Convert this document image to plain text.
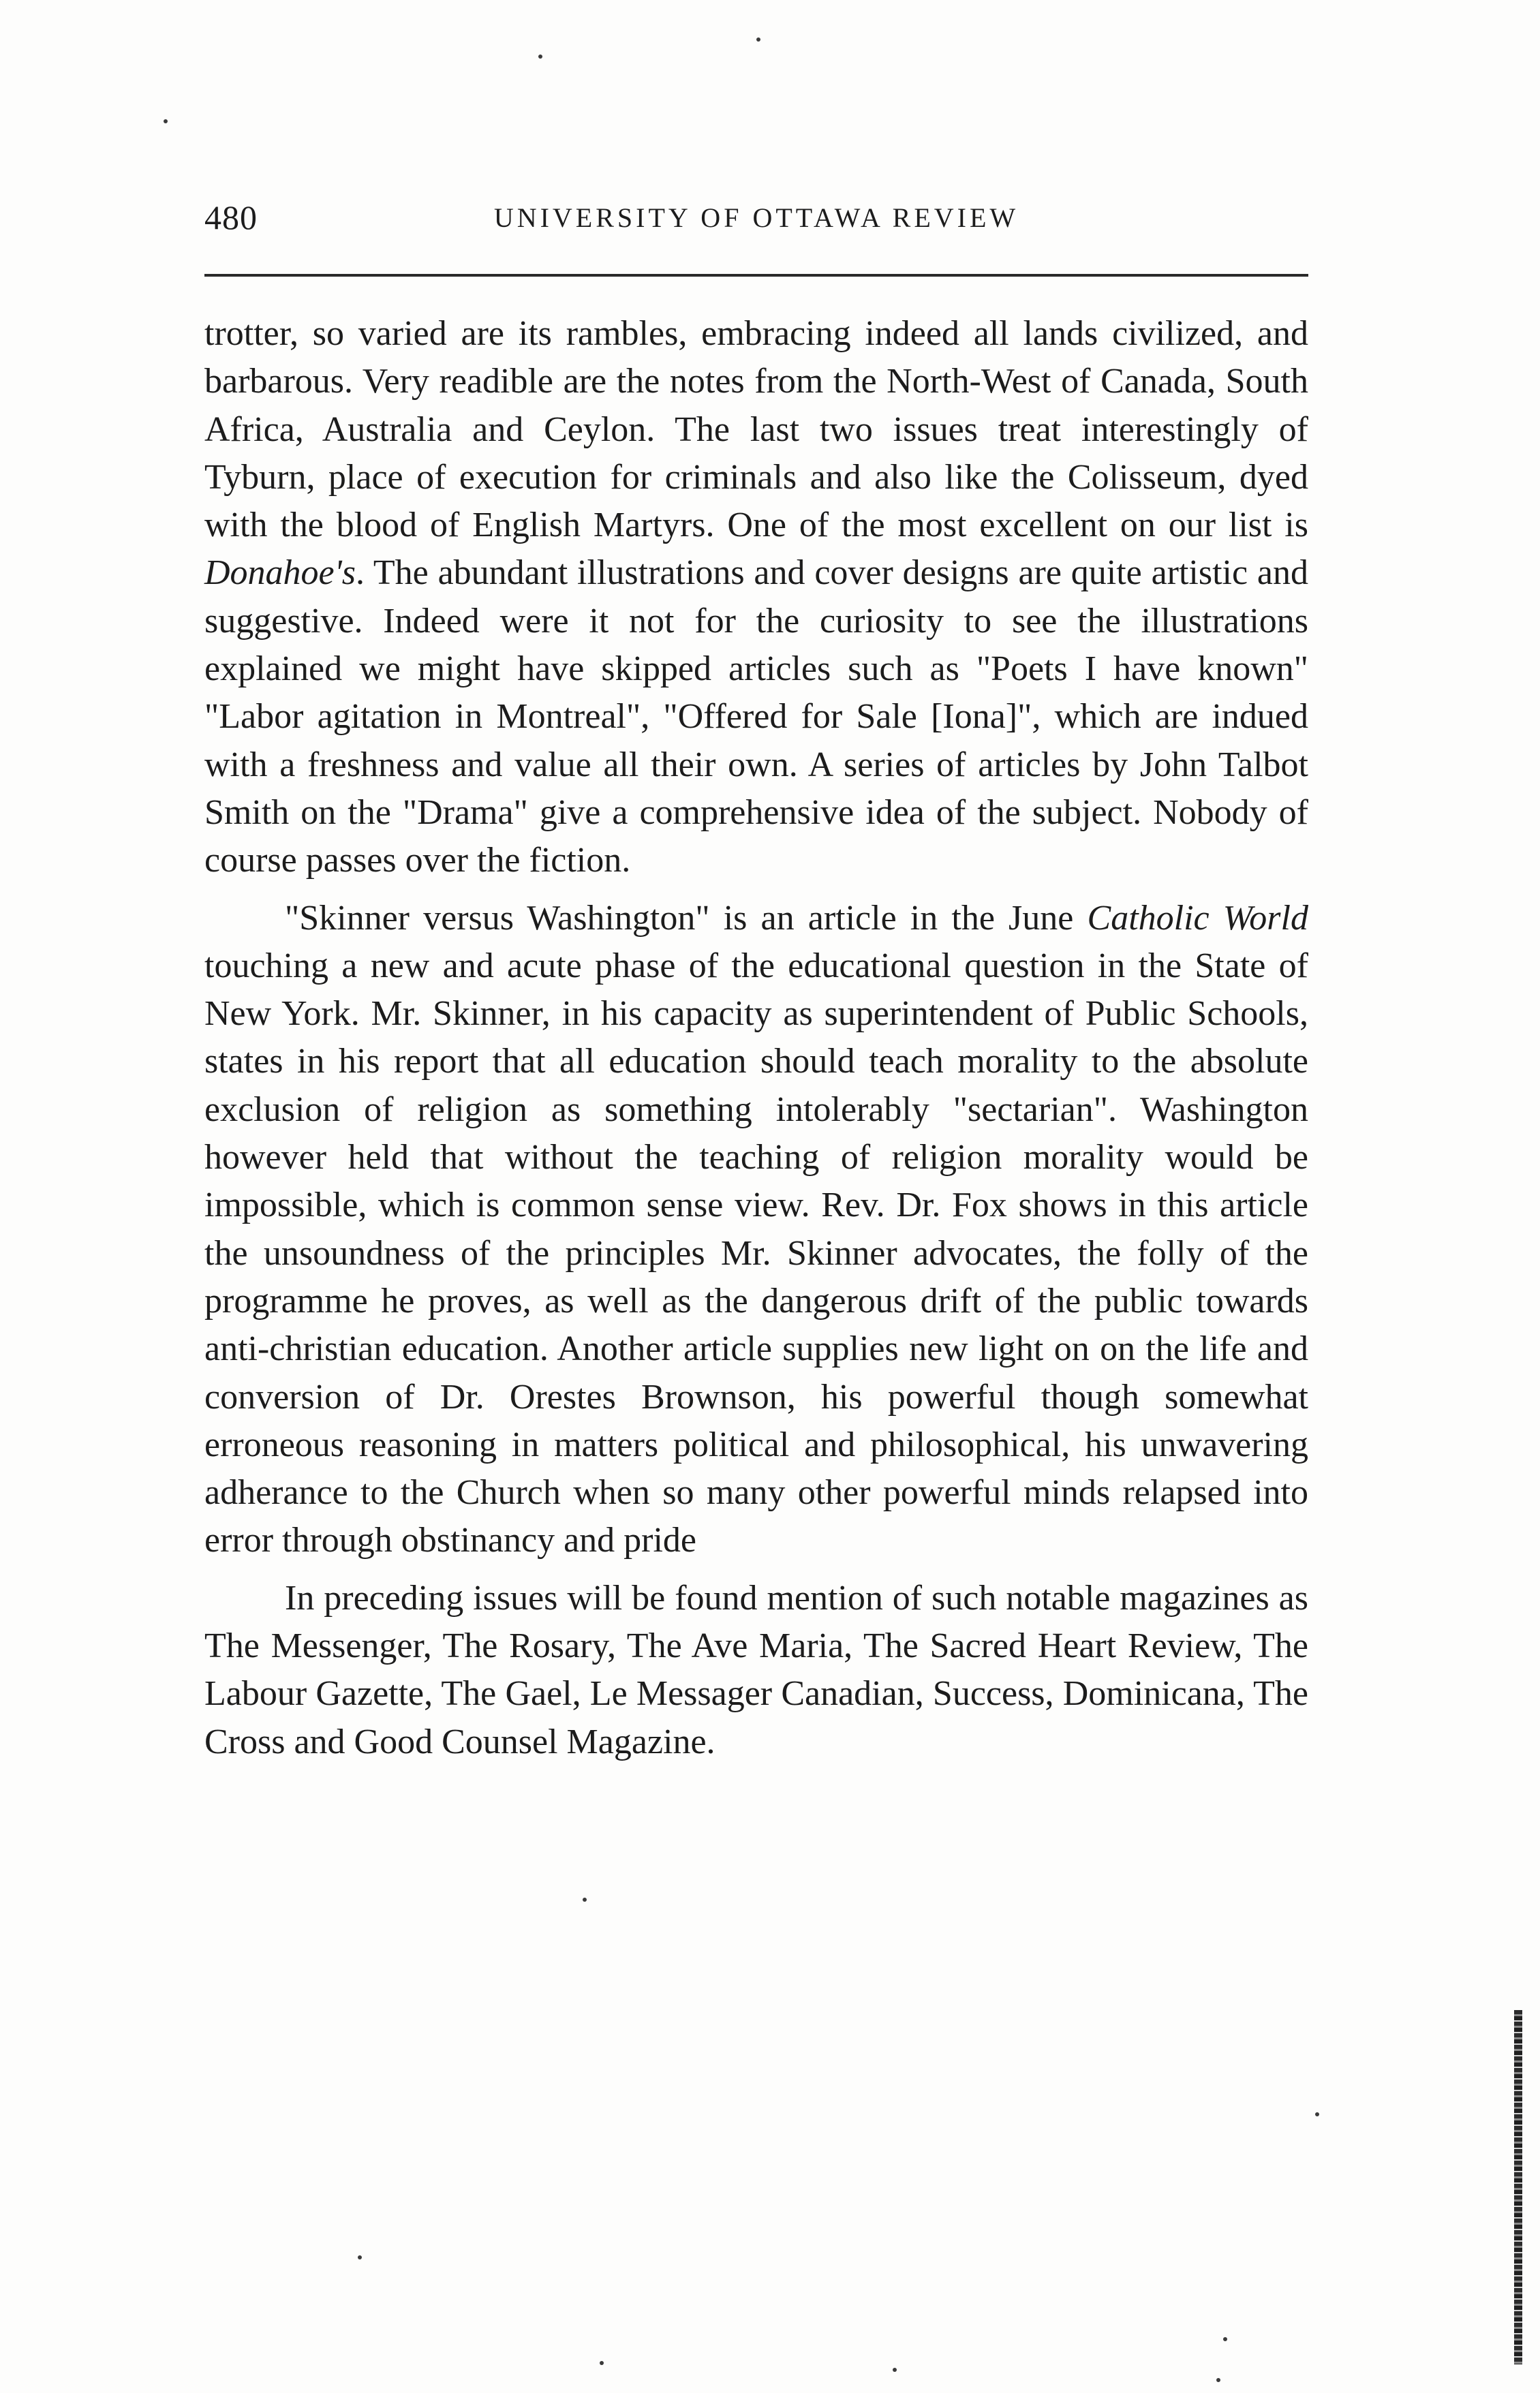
480	UNIVERSITY OF OTTAWA REVIEW

trotter, so varied are its rambles, embracing indeed all lands civilized, and barbarous. Very readible are the notes from the North-West of Canada, South Africa, Australia and Ceylon. The last two issues treat interestingly of Tyburn, place of execution for criminals and also like the Colisseum, dyed with the blood of English Martyrs. One of the most excellent on our list is Donahoe's. The abundant illustrations and cover designs are quite artistic and suggestive. Indeed were it not for the curiosity to see the illustrations explained we might have skipped articles such as "Poets I have known" "Labor agitation in Montreal", "Offered for Sale [Iona]", which are indued with a freshness and value all their own. A series of articles by John Talbot Smith on the "Drama" give a comprehensive idea of the subject. Nobody of course passes over the fiction.

"Skinner versus Washington" is an article in the June Catholic World touching a new and acute phase of the educational question in the State of New York. Mr. Skinner, in his capacity as superintendent of Public Schools, states in his report that all education should teach morality to the absolute exclusion of religion as something intolerably "sectarian". Washington however held that without the teaching of religion morality would be impossible, which is common sense view. Rev. Dr. Fox shows in this article the unsoundness of the principles Mr. Skinner advocates, the folly of the programme he proves, as well as the dangerous drift of the public towards anti-christian education. Another article supplies new light on on the life and conversion of Dr. Orestes Brownson, his powerful though somewhat erroneous reasoning in matters political and philosophical, his unwavering adherance to the Church when so many other powerful minds relapsed into error through obstinancy and pride

In preceding issues will be found mention of such notable magazines as The Messenger, The Rosary, The Ave Maria, The Sacred Heart Review, The Labour Gazette, The Gael, Le Messager Canadian, Success, Dominicana, The Cross and Good Counsel Magazine.
